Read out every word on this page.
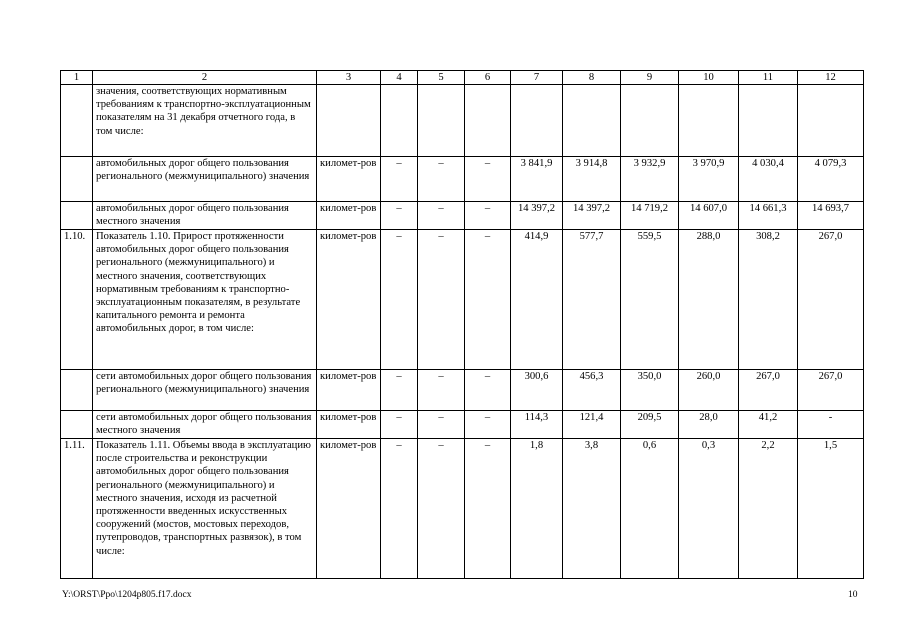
1	2	3	4	5	6	7	8	9	10	11	12
	значения, соответствующих нормативным требованиям к транспортно-эксплуатационным показателям на 31 декабря отчетного года, в том числе:										
	автомобильных дорог общего пользования регионального (межмуниципального) значения	километ-ров	–	–	–	3 841,9	3 914,8	3 932,9	3 970,9	4 030,4	4 079,3
	автомобильных дорог общего пользования местного значения	километ-ров	–	–	–	14 397,2	14 397,2	14 719,2	14 607,0	14 661,3	14 693,7
1.10.	Показатель 1.10. Прирост протяженности автомобильных дорог общего пользования регионального (межмуниципального) и местного значения, соответствующих нормативным требованиям к транспортно-эксплуатационным показателям, в результате капитального ремонта и ремонта автомобильных дорог, в том числе:	километ-ров	–	–	–	414,9	577,7	559,5	288,0	308,2	267,0
	сети автомобильных дорог общего пользования регионального (межмуниципального) значения	километ-ров	–	–	–	300,6	456,3	350,0	260,0	267,0	267,0
	сети автомобильных дорог общего пользования местного значения	километ-ров	–	–	–	114,3	121,4	209,5	28,0	41,2	-
1.11.	Показатель 1.11. Объемы ввода в эксплуатацию после строительства и реконструкции автомобильных дорог общего пользования регионального (межмуниципального) и местного значения, исходя из расчетной протяженности введенных искусственных сооружений (мостов, мостовых переходов, путепроводов, транспортных развязок), в том числе:	километ-ров	–	–	–	1,8	3,8	0,6	0,3	2,2	1,5
Y:\ORST\Ppo\1204p805.f17.docx	10
